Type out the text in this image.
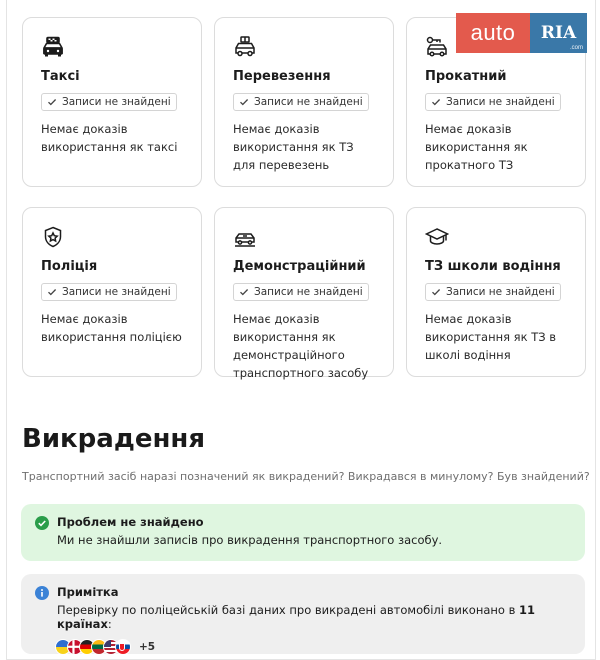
Таксі
Записи не знайдені
Немає доказів використання як таксі
Перевезення
Записи не знайдені
Немає доказів використання як ТЗ для перевезень
Прокатний
Записи не знайдені
Немає доказів використання як прокатного ТЗ
Поліція
Записи не знайдені
Немає доказів використання поліцією
Демонстраційний
Записи не знайдені
Немає доказів використання як демонстраційного транспортного засобу
ТЗ школи водіння
Записи не знайдені
Немає доказів використання як ТЗ в школі водіння
auto	RIA
.com
Викрадення
Транспортний засіб наразі позначений як викрадений? Викрадався в минулому? Був знайдений?
Проблем не знайдено
Ми не знайшли записів про викрадення транспортного засобу.
Примітка
Перевірку по поліцейській базі даних про викрадені автомобілі виконано в 11 країнах:
+5
